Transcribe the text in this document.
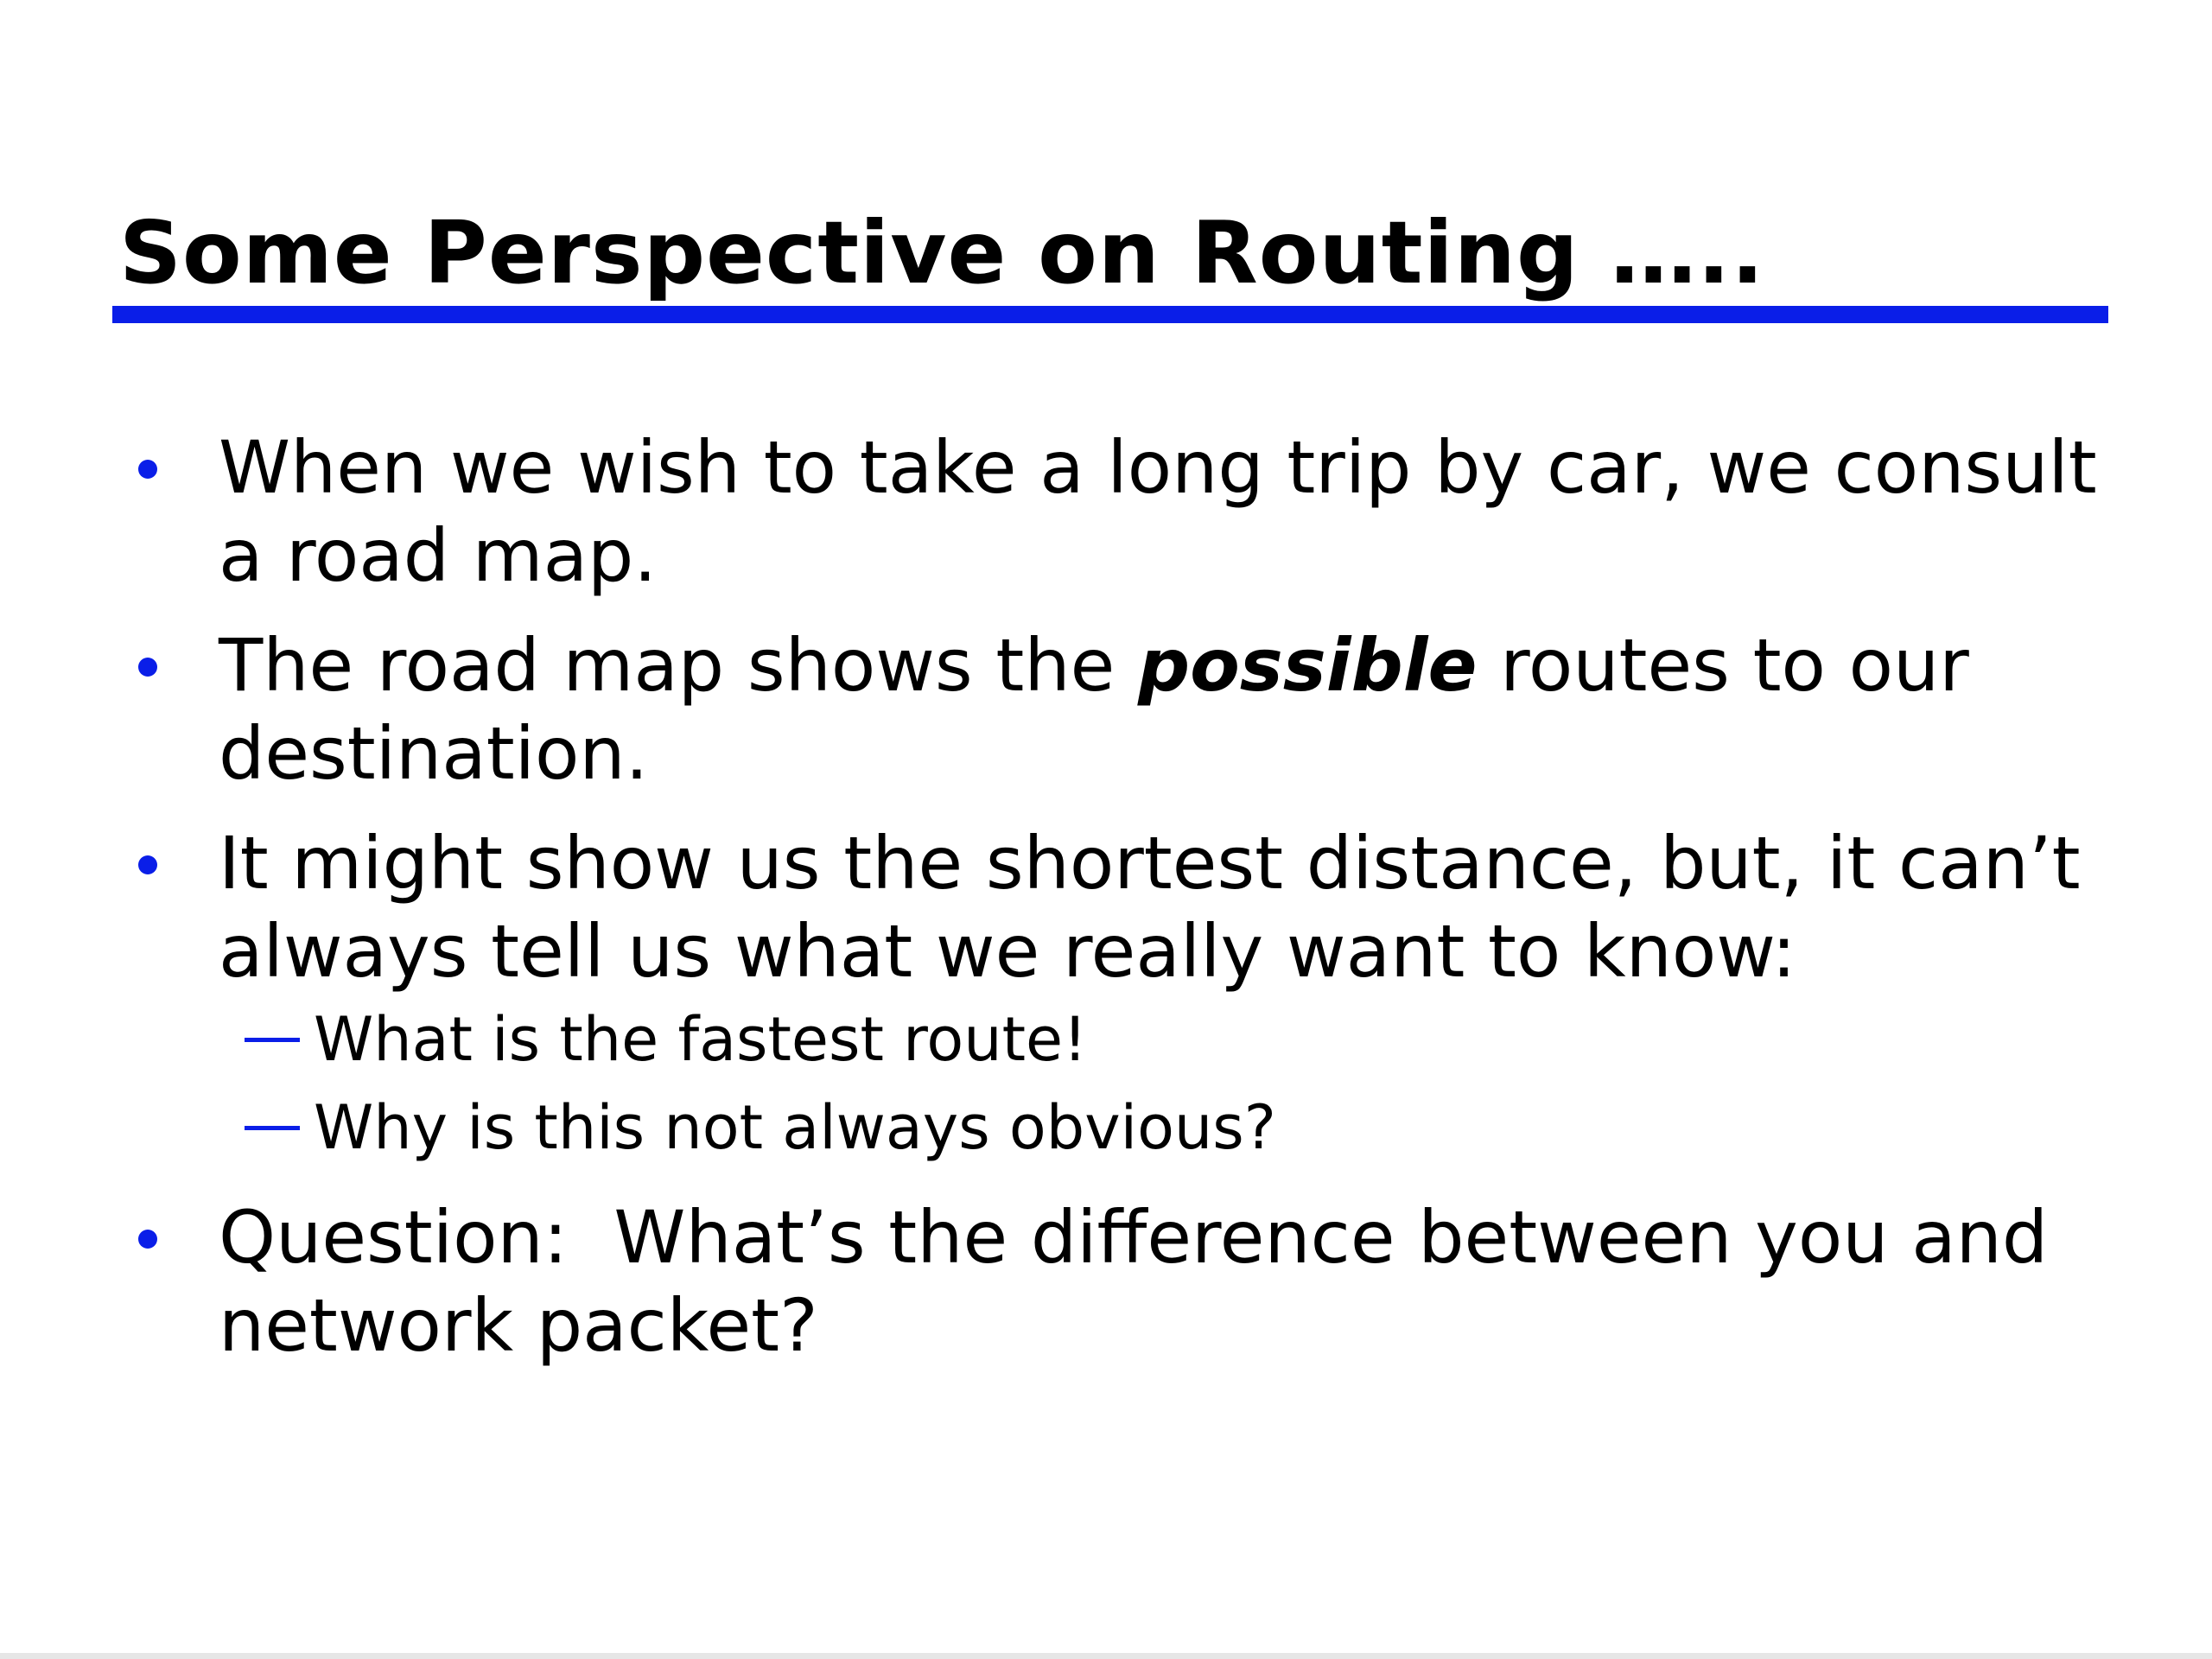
Some Perspective on Routing …..
When we wish to take a long trip by car, we consult a road map.
The road map shows the possible routes to our destination.
It might show us the shortest distance, but, it can’t always tell us what we really want to know:
What is the fastest route!
Why is this not always obvious?
Question:  What’s the difference between you and network packet?
